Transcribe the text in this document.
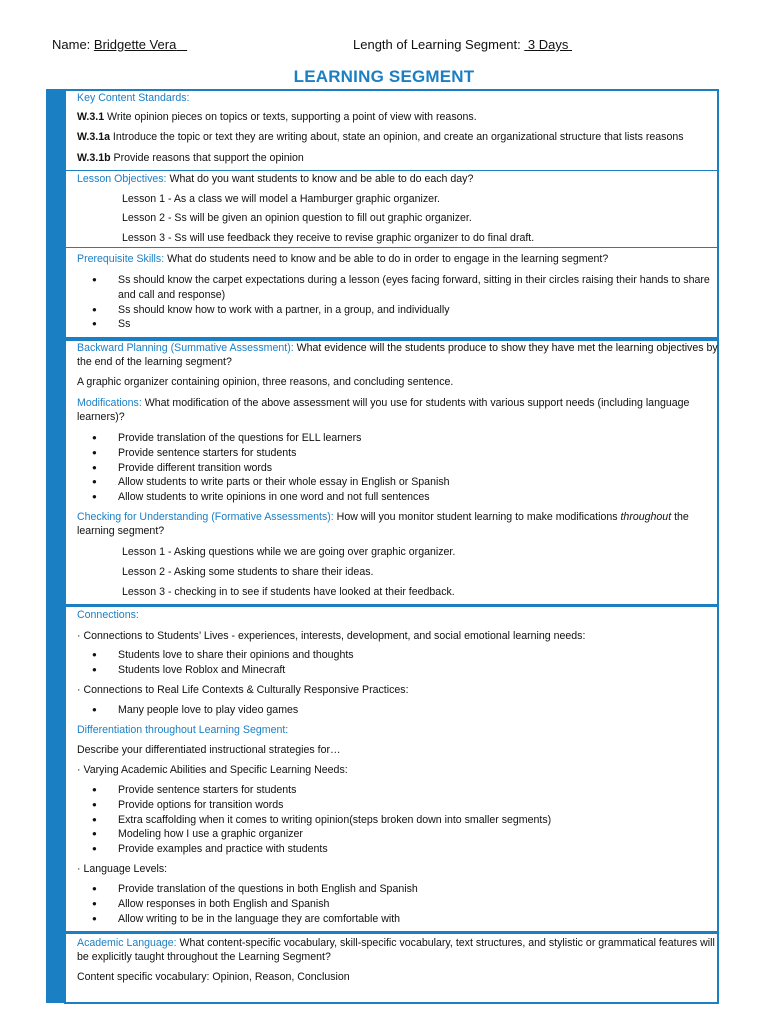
Name: Bridgette Vera	Length of Learning Segment:  3 Days
LEARNING SEGMENT
Key Content Standards:
W.3.1 Write opinion pieces on topics or texts, supporting a point of view with reasons.
W.3.1a Introduce the topic or text they are writing about, state an opinion, and create an organizational structure that lists reasons
W.3.1b Provide reasons that support the opinion
Lesson Objectives: What do you want students to know and be able to do each day?
Lesson 1 - As a class we will model a Hamburger graphic organizer.
Lesson 2 - Ss will be given an opinion question to fill out graphic organizer.
Lesson 3 - Ss will use feedback they receive to revise graphic organizer to do final draft.
Prerequisite Skills: What do students need to know and be able to do in order to engage in the learning segment?
● Ss should know the carpet expectations during a lesson (eyes facing forward, sitting in their circles raising their hands to share
and call and response)
● Ss should know how to work with a partner, in a group, and individually
● Ss
Backward Planning (Summative Assessment): What evidence will the students produce to show they have met the learning objectives by
the end of the learning segment?
A graphic organizer containing opinion, three reasons, and concluding sentence.
Modifications: What modification of the above assessment will you use for students with various support needs (including language
learners)?
● Provide translation of the questions for ELL learners
● Provide sentence starters for students
● Provide different transition words
● Allow students to write parts or their whole essay in English or Spanish
● Allow students to write opinions in one word and not full sentences
Checking for Understanding (Formative Assessments): How will you monitor student learning to make modifications throughout the
learning segment?
Lesson 1 - Asking questions while we are going over graphic organizer.
Lesson 2 - Asking some students to share their ideas.
Lesson 3 - checking in to see if students have looked at their feedback.
Connections:
· Connections to Students’ Lives - experiences, interests, development, and social emotional learning needs:
● Students love to share their opinions and thoughts
● Students love Roblox and Minecraft
· Connections to Real Life Contexts & Culturally Responsive Practices:
● Many people love to play video games
Differentiation throughout Learning Segment:
Describe your differentiated instructional strategies for…
· Varying Academic Abilities and Specific Learning Needs:
● Provide sentence starters for students
● Provide options for transition words
● Extra scaffolding when it comes to writing opinion(steps broken down into smaller segments)
● Modeling how I use a graphic organizer
● Provide examples and practice with students
· Language Levels:
● Provide translation of the questions in both English and Spanish
● Allow responses in both English and Spanish
● Allow writing to be in the language they are comfortable with
Academic Language: What content-specific vocabulary, skill-specific vocabulary, text structures, and stylistic or grammatical features will
be explicitly taught throughout the Learning Segment?
Content specific vocabulary: Opinion, Reason, Conclusion
